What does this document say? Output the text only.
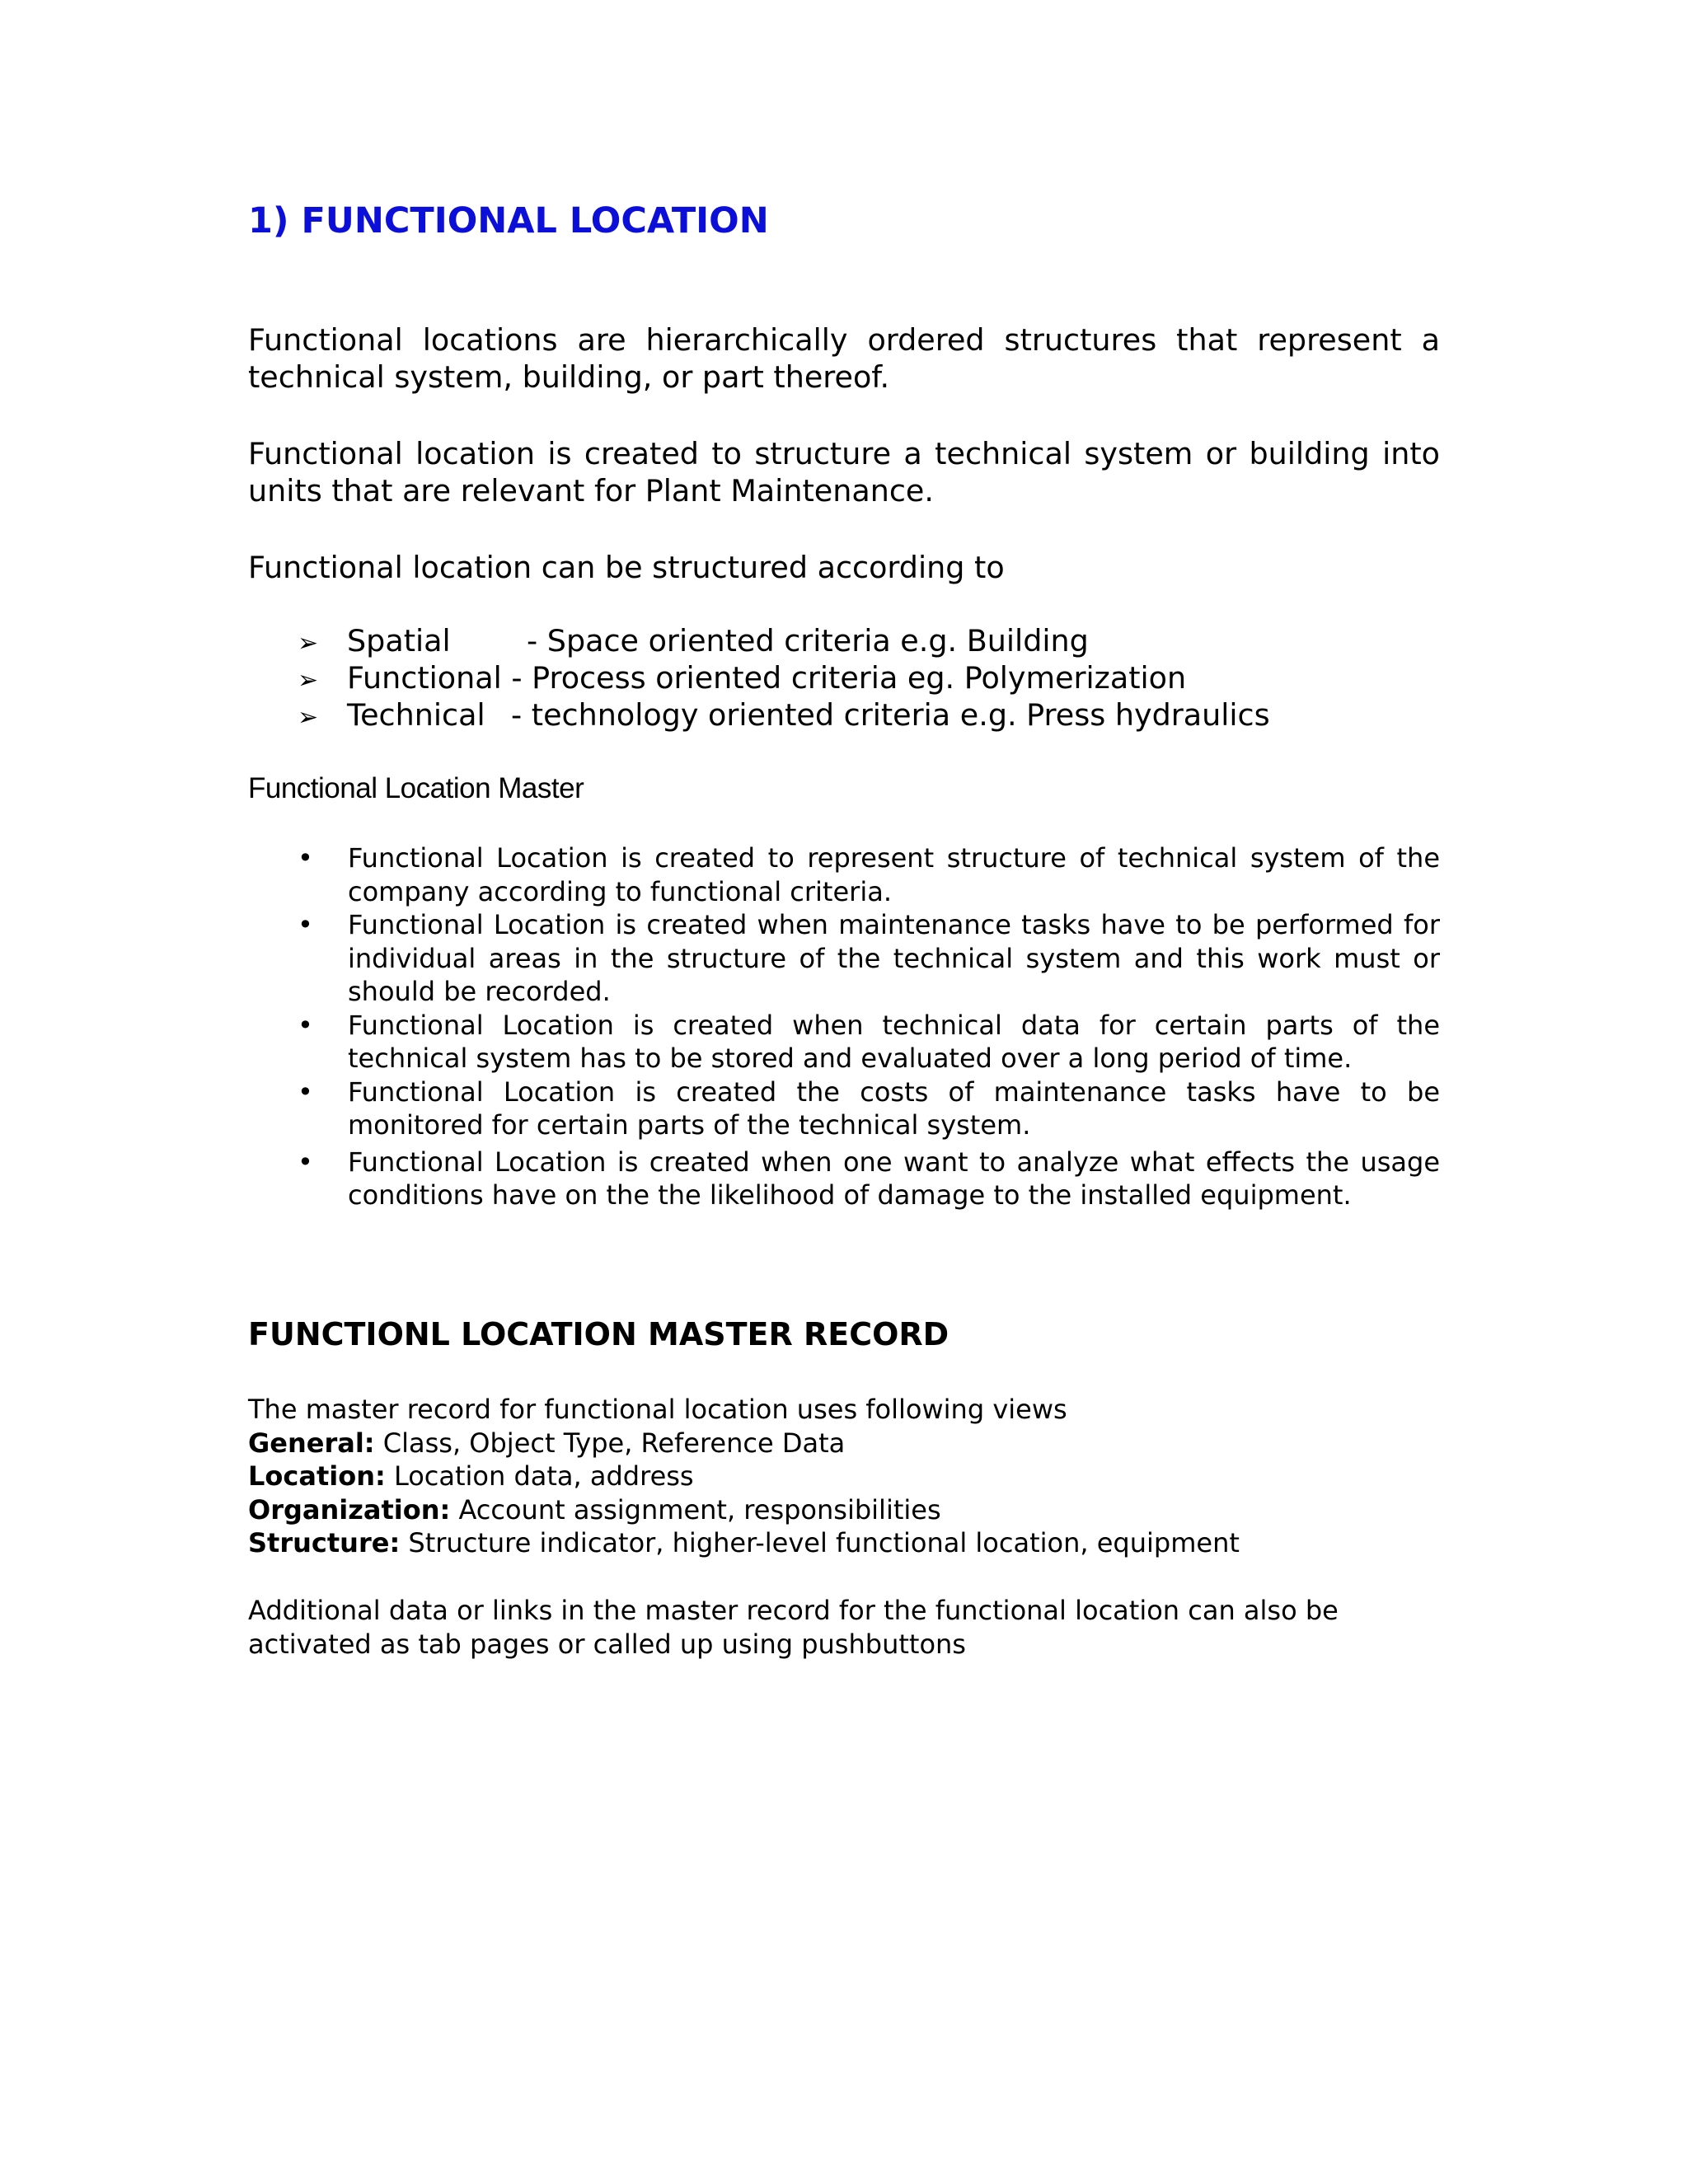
1) FUNCTIONAL LOCATION

Functional locations are hierarchically ordered structures that represent a technical system, building, or part thereof.

Functional location is created to structure a technical system or building into units that are relevant for Plant Maintenance.

Functional location can be structured according to

➢ Spatial	- Space oriented criteria e.g. Building
➢ Functional
- Process oriented criteria eg. Polymerization
➢ Technical - technology oriented criteria e.g. Press hydraulics

Functional Location Master

• Functional Location is created to represent structure of technical system of the company according to functional criteria.
• Functional Location is created when maintenance tasks have to be performed for individual areas in the structure of the technical system and this work must or should be recorded.
• Functional Location is created when technical data for certain parts of the technical system has to be stored and evaluated over a long period of time.
• Functional Location is created the costs of maintenance tasks have to be monitored for certain parts of the technical system.
• Functional Location is created when one want to analyze what effects the usage conditions have on the the likelihood of damage to the installed equipment.
FUNCTIONL LOCATION MASTER RECORD
The master record for functional location uses following views
General: Class, Object Type, Reference Data
Location: Location data, address
Organization: Account assignment, responsibilities
Structure: Structure indicator, higher-level functional location, equipment
Additional data or links in the master record for the functional location can also be
activated as tab pages or called up using pushbuttons
